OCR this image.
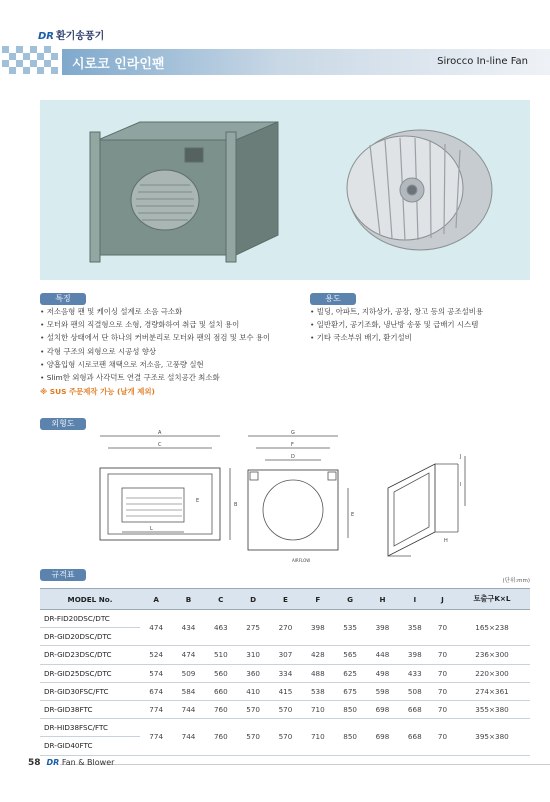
DR 환기송풍기
시로코 인라인팬	Sirocco In-line Fan
특징
• 저소음형 팬 및 케이싱 설계로 소음 극소화
• 모터와 팬의 직결형으로 소형, 경량화하여 취급 및 설치 용이
• 설치한 상태에서 단 하나의 커버분리로 모터와 팬의 점검 및 보수 용이
• 각형 구조의 외형으로 시공성 향상
• 양흡입형 시로코팬 채택으로 저소음, 고풍량 실현
• Slim한 외형과 사각덕트 연결 구조로 설치공간 최소화
※ SUS 주문제작 가능 (날개 제외)
용도
• 빌딩, 아파트, 지하상가, 공장, 창고 등의 공조설비용
• 일반환기, 공기조화, 냉난방 송풍 및 급배기 시스템
• 기타 국소부위 배기, 환기설비
외형도
A
C
E
B
L
G
F
D
E
H
I
J
AIRFLOW
규격표
(단위:mm)
MODEL No.	A	B	C	D	E	F	G	H	I	J	토출구K×L
DR-FID20DSC/DTC	474	434	463	275	270	398	535	398	358	70	165×238
DR-GID20DSC/DTC											
DR-GID23DSC/DTC	524	474	510	310	307	428	565	448	398	70	236×300
DR-GID25DSC/DTC	574	509	560	360	334	488	625	498	433	70	220×300
DR-GID30FSC/FTC	674	584	660	410	415	538	675	598	508	70	274×361
DR-GID38FTC	774	744	760	570	570	710	850	698	668	70	355×380
DR-HID38FSC/FTC	774	744	760	570	570	710	850	698	668	70	395×380
DR-GID40FTC											
58 DR Fan & Blower
